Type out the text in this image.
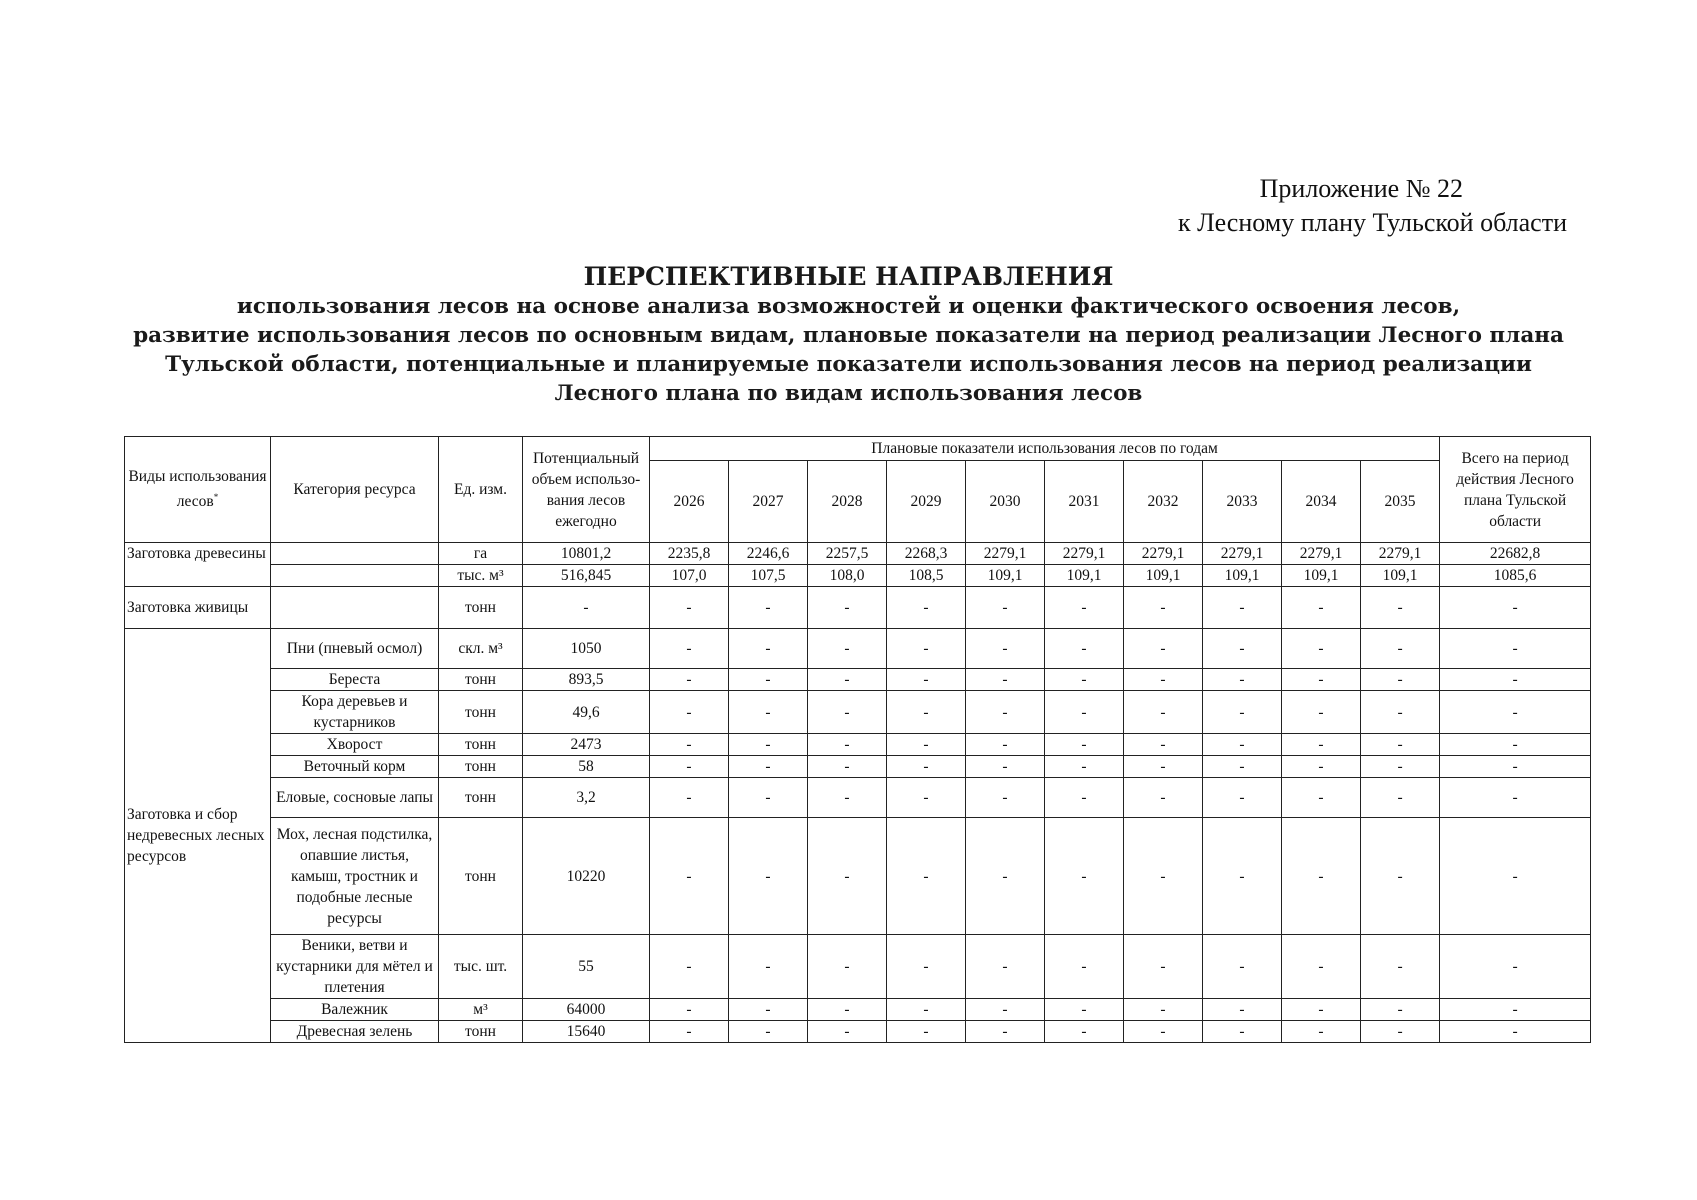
Приложение № 22
к Лесному плану Тульской области
ПЕРСПЕКТИВНЫЕ НАПРАВЛЕНИЯ
использования лесов на основе анализа возможностей и оценки фактического освоения лесов,
развитие использования лесов по основным видам, плановые показатели на период реализации Лесного плана
Тульской области, потенциальные и планируемые показатели использования лесов на период реализации
Лесного плана по видам использования лесов
Виды использования лесов*	Категория ресурса	Ед. изм.	Потенциальный объем использо-вания лесов ежегодно	Плановые показатели использования лесов по годам										Всего на период действия Лесного плана Тульской области
				2026	2027	2028	2029	2030	2031	2032	2033	2034	2035	
Заготовка древесины		га	10801,2	2235,8	2246,6	2257,5	2268,3	2279,1	2279,1	2279,1	2279,1	2279,1	2279,1	22682,8
		тыс. м³	516,845	107,0	107,5	108,0	108,5	109,1	109,1	109,1	109,1	109,1	109,1	1085,6
Заготовка живицы		тонн	-	-	-	-	-	-	-	-	-	-	-	-
Заготовка и сбор недревесных лесных ресурсов	Пни (пневый осмол)	скл. м³	1050	-	-	-	-	-	-	-	-	-	-	-
	Береста	тонн	893,5	-	-	-	-	-	-	-	-	-	-	-
	Кора деревьев и кустарников	тонн	49,6	-	-	-	-	-	-	-	-	-	-	-
	Хворост	тонн	2473	-	-	-	-	-	-	-	-	-	-	-
	Веточный корм	тонн	58	-	-	-	-	-	-	-	-	-	-	-
	Еловые, сосновые лапы	тонн	3,2	-	-	-	-	-	-	-	-	-	-	-
	Мох, лесная подстилка, опавшие листья, камыш, тростник и подобные лесные ресурсы	тонн	10220	-	-	-	-	-	-	-	-	-	-	-
	Веники, ветви и кустарники для мётел и плетения	тыс. шт.	55	-	-	-	-	-	-	-	-	-	-	-
	Валежник	м³	64000	-	-	-	-	-	-	-	-	-	-	-
	Древесная зелень	тонн	15640	-	-	-	-	-	-	-	-	-	-	-
